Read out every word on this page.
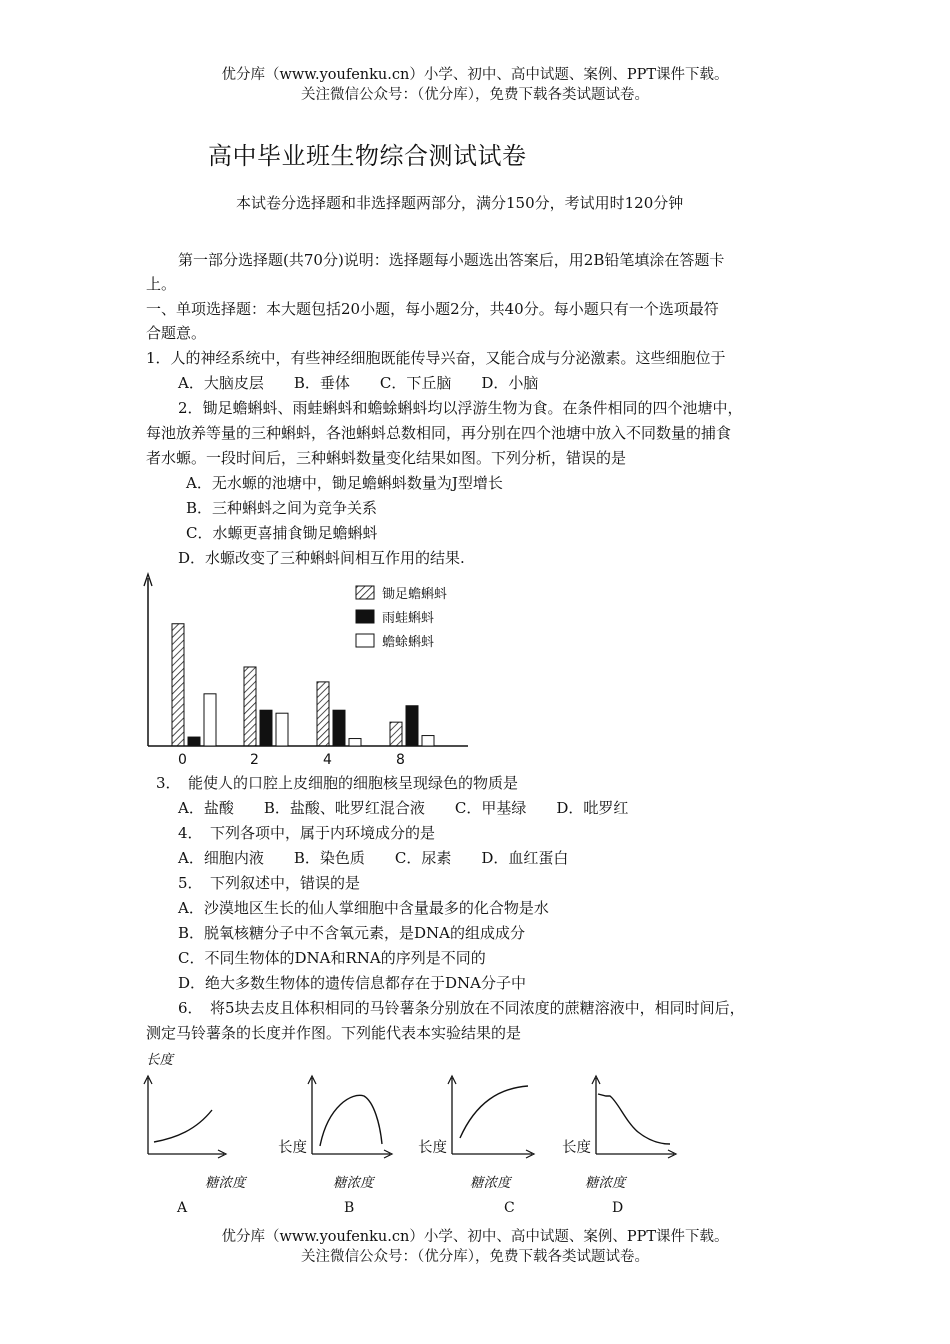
优分库（www.youfenku.cn）小学、初中、高中试题、案例、PPT课件下载。
关注微信公众号：（优分库），免费下载各类试题试卷。
高中毕业班生物综合测试试卷
本试卷分选择题和非选择题两部分，满分150分，考试用时120分钟
第一部分选择题(共70分)说明：选择题每小题选出答案后，用2B铅笔填涂在答题卡
上。
一、单项选择题：本大题包括20小题，每小题2分，共40分。每小题只有一个选项最符
合题意。
1．人的神经系统中，有些神经细胞既能传导兴奋，又能合成与分泌激素。这些细胞位于
A．大脑皮层　　B．垂体　　C．下丘脑　　D．小脑
2．锄足蟾蝌蚪、雨蛙蝌蚪和蟾蜍蝌蚪均以浮游生物为食。在条件相同的四个池塘中，
每池放养等量的三种蝌蚪，各池蝌蚪总数相同，再分别在四个池塘中放入不同数量的捕食
者水螈。一段时间后，三种蝌蚪数量变化结果如图。下列分析，错误的是
A．无水螈的池塘中，锄足蟾蝌蚪数量为J型增长
B．三种蝌蚪之间为竞争关系
C．水螈更喜捕食锄足蟾蝌蚪
D．水螈改变了三种蝌蚪间相互作用的结果.
0	2	4	8
锄足蟾蝌蚪
雨蛙蝌蚪
蟾蜍蝌蚪
3．　能使人的口腔上皮细胞的细胞核呈现绿色的物质是
A．盐酸　　B．盐酸、吡罗红混合液　　C．甲基绿　　D．吡罗红
4．　下列各项中，属于内环境成分的是
A．细胞内液　　B．染色质　　C．尿素　　D．血红蛋白
5．　下列叙述中，错误的是
A．沙漠地区生长的仙人掌细胞中含量最多的化合物是水
B．脱氧核糖分子中不含氧元素，是DNA的组成成分
C．不同生物体的DNA和RNA的序列是不同的
D．绝大多数生物体的遗传信息都存在于DNA分子中
6．　将5块去皮且体积相同的马铃薯条分别放在不同浓度的蔗糖溶液中，相同时间后，
测定马铃薯条的长度并作图。下列能代表本实验结果的是
长度
长度	长度	长度
糖浓度	糖浓度	糖浓度	糖浓度
A	B	C	D
优分库（www.youfenku.cn）小学、初中、高中试题、案例、PPT课件下载。
关注微信公众号：（优分库），免费下载各类试题试卷。
